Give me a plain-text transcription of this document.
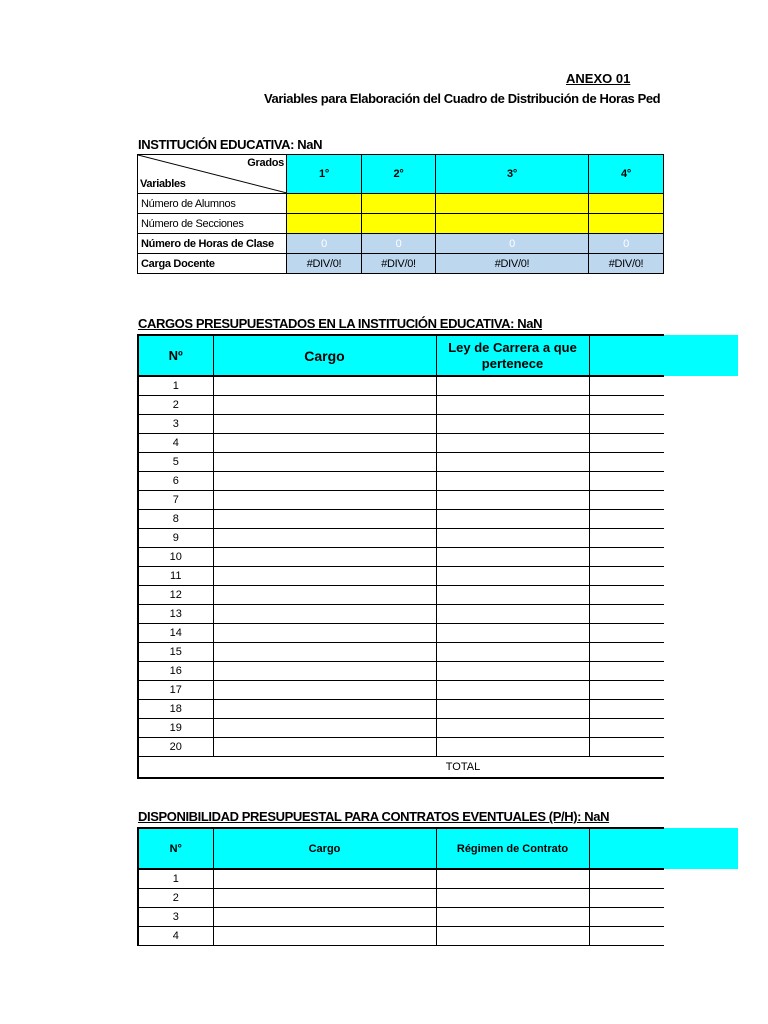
ANEXO 01
Variables para Elaboración del Cuadro de Distribución de Horas Ped
INSTITUCIÓN EDUCATIVA: NaN
Grados
Variables	1°	2°	3°	4°
Número de Alumnos				
Número de Secciones				
Número de Horas de Clase	0	0	0	0
Carga Docente	#DIV/0!	#DIV/0!	#DIV/0!	#DIV/0!
CARGOS PRESUPUESTADOS EN LA INSTITUCIÓN EDUCATIVA: NaN
Nº	Cargo	Ley de Carrera a que pertenece	
1			
2			
3			
4			
5			
6			
7			
8			
9			
10			
11			
12			
13			
14			
15			
16			
17			
18			
19			
20			
TOTAL			
DISPONIBILIDAD PRESUPUESTAL PARA CONTRATOS EVENTUALES (P/H): NaN
N°	Cargo	Régimen de Contrato	
1			
2			
3			
4			
